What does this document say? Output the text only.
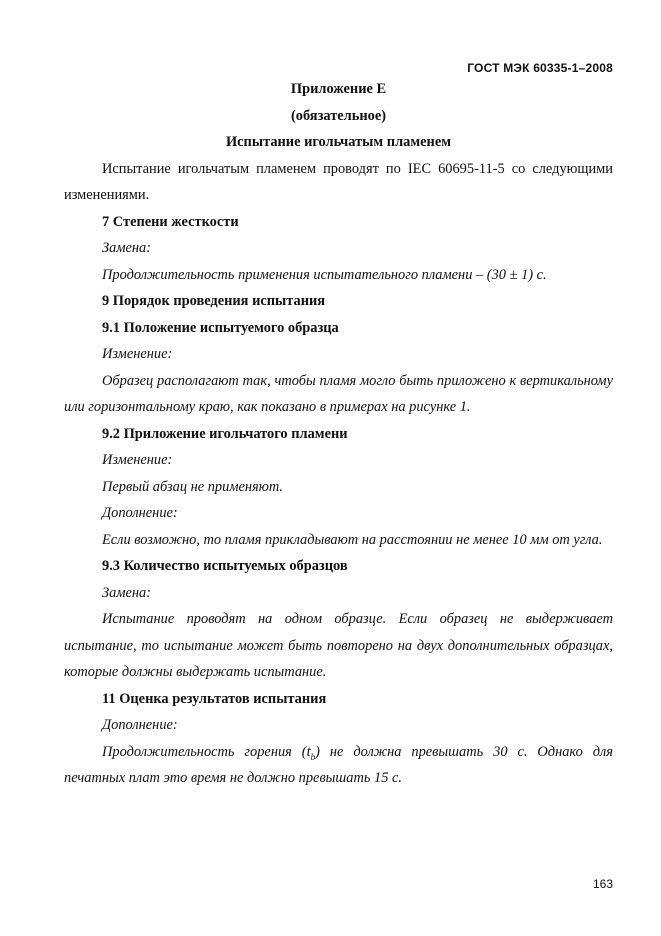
ГОСТ МЭК 60335-1–2008

Приложение Е

(обязательное)

Испытание игольчатым пламенем

Испытание игольчатым пламенем проводят по IEC 60695-11-5 со следующими изменениями.

7 Степени жесткости

Замена:

Продолжительность применения испытательного пламени – (30 ± 1) с.

9 Порядок проведения испытания

9.1 Положение испытуемого образца

Изменение:

Образец располагают так, чтобы пламя могло быть приложено к вертикальному или горизонтальному краю, как показано в примерах на рисунке 1.

9.2 Приложение игольчатого пламени

Изменение:

Первый абзац не применяют.

Дополнение:

Если возможно, то пламя прикладывают на расстоянии не менее 10 мм от угла.

9.3 Количество испытуемых образцов

Замена:

Испытание проводят на одном образце. Если образец не выдерживает испытание, то испытание может быть повторено на двух дополнительных образцах, которые должны выдержать испытание.

11 Оценка результатов испытания

Дополнение:

Продолжительность горения $(t_b)$ не должна превышать 30 с. Однако для печатных плат это время не должно превышать 15 с.

163
